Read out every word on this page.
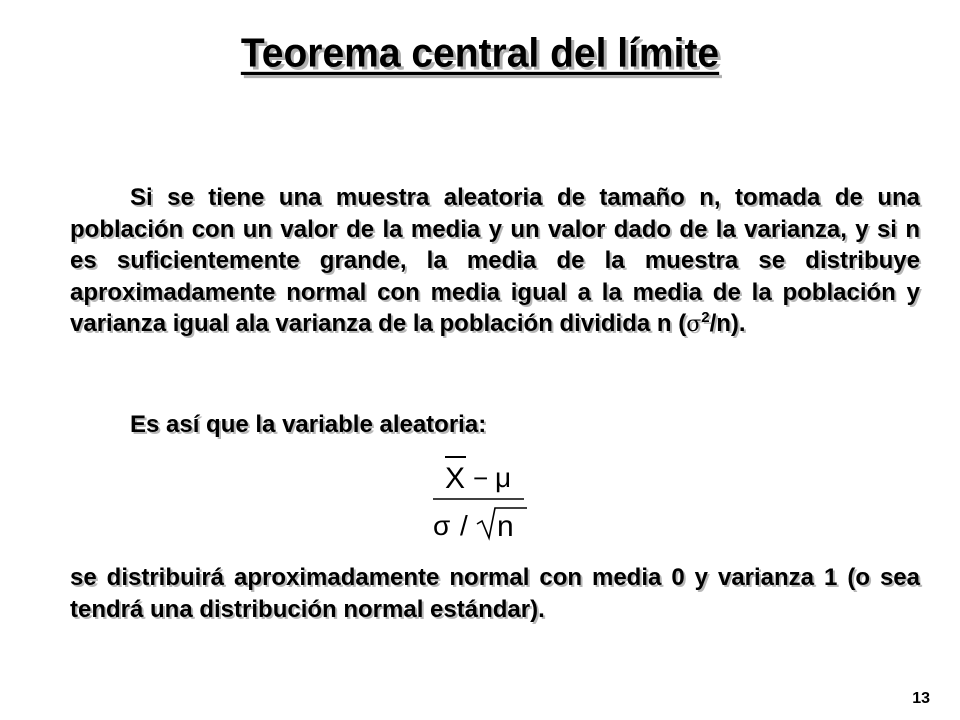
Teorema central del límite

Si se tiene una muestra aleatoria de tamaño n, tomada de una población con un valor de la media y un valor dado de la varianza, y si n es suficientemente grande, la media de la muestra se distribuye aproximadamente normal con media igual a la media de la población y varianza igual ala varianza de la población dividida n $(\sigma^2/n)$.

Es así que la variable aleatoria:

X − μ
σ / n

se distribuirá aproximadamente normal con media 0 y varianza 1 (o sea tendrá una distribución normal estándar).

13
